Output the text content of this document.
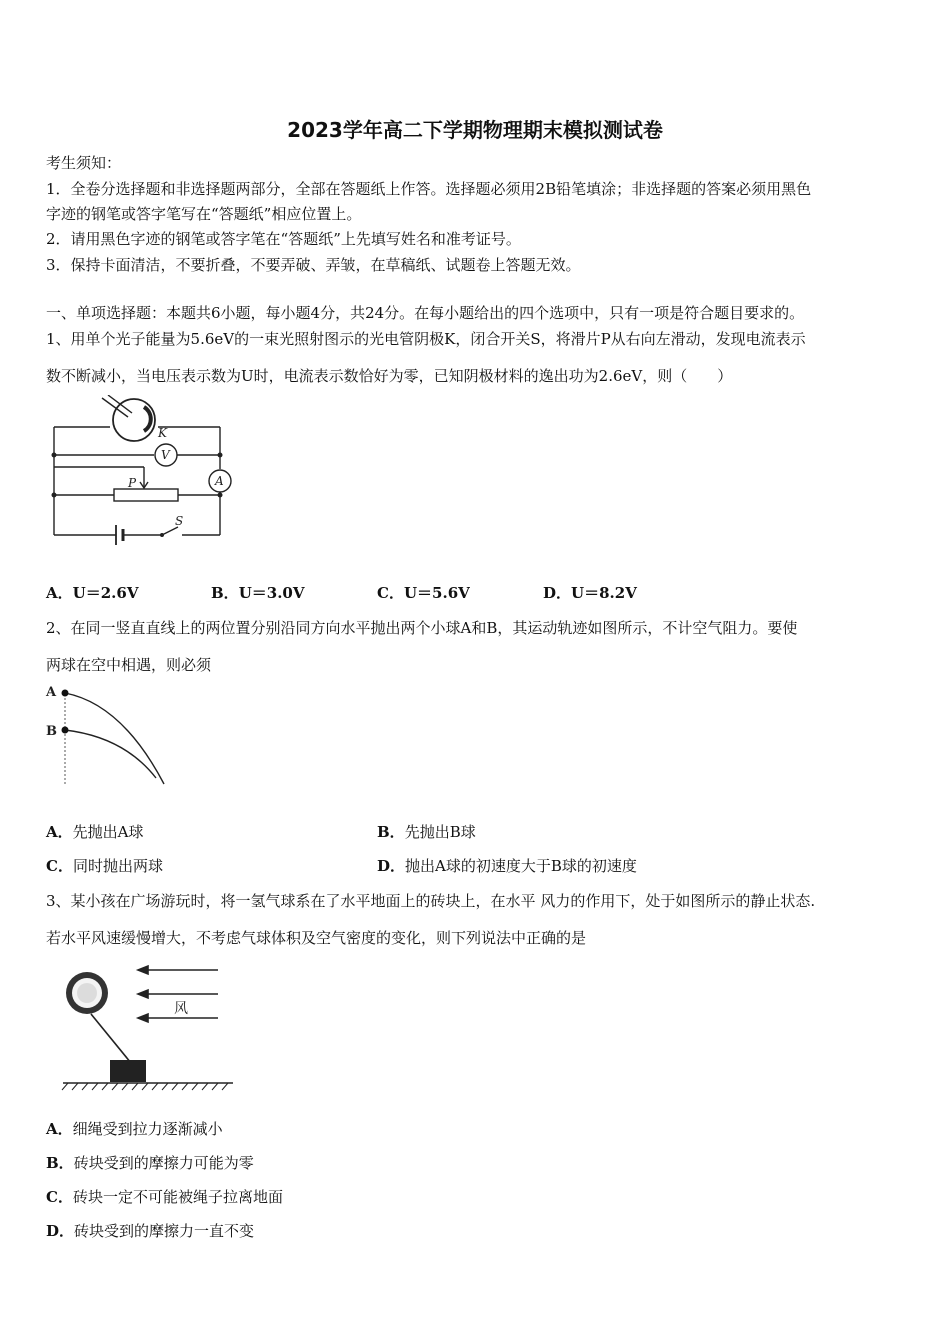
2023学年高二下学期物理期末模拟测试卷
考生须知：
1．全卷分选择题和非选择题两部分，全部在答题纸上作答。选择题必须用2B铅笔填涂；非选择题的答案必须用黑色
字迹的钢笔或答字笔写在“答题纸”相应位置上。
2．请用黑色字迹的钢笔或答字笔在“答题纸”上先填写姓名和准考证号。
3．保持卡面清洁，不要折叠，不要弄破、弄皱，在草稿纸、试题卷上答题无效。
一、单项选择题：本题共6小题，每小题4分，共24分。在每小题给出的四个选项中，只有一项是符合题目要求的。
1、用单个光子能量为5.6eV的一束光照射图示的光电管阴极K，闭合开关S，将滑片P从右向左滑动，发现电流表示
数不断减小，当电压表示数为U时，电流表示数恰好为零，已知阴极材料的逸出功为2.6eV，则（　　）
K
V
A
P
S
A．U＝2.6V	B．U＝3.0V	C．U＝5.6V	D．U＝8.2V
2、在同一竖直直线上的两位置分别沿同方向水平抛出两个小球A和B，其运动轨迹如图所示，不计空气阻力。要使
两球在空中相遇，则必须
A
B
A．先抛出A球	B．先抛出B球
C．同时抛出两球	D．抛出A球的初速度大于B球的初速度
3、某小孩在广场游玩时，将一氢气球系在了水平地面上的砖块上，在水平 风力的作用下，处于如图所示的静止状态.
若水平风速缓慢增大，不考虑气球体积及空气密度的变化，则下列说法中正确的是
风
A．细绳受到拉力逐渐减小
B．砖块受到的摩擦力可能为零
C．砖块一定不可能被绳子拉离地面
D．砖块受到的摩擦力一直不变
